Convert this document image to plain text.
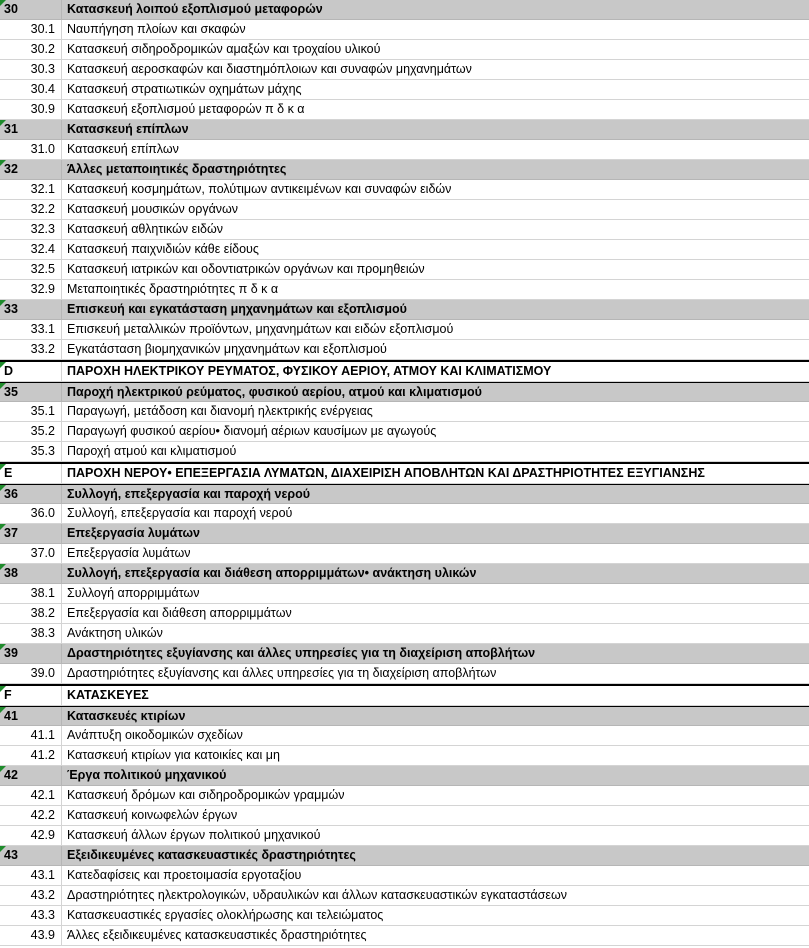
30	Κατασκευή λοιπού εξοπλισμού μεταφορών
30.1 Ναυπήγηση πλοίων και σκαφών
30.2 Κατασκευή σιδηροδρομικών αμαξών και τροχαίου υλικού
30.3 Κατασκευή αεροσκαφών και διαστημόπλοιων και συναφών μηχανημάτων
30.4 Κατασκευή στρατιωτικών οχημάτων μάχης
30.9 Κατασκευή εξοπλισμού μεταφορών π δ κ α
31	Κατασκευή επίπλων
31.0 Κατασκευή επίπλων
32	Άλλες μεταποιητικές δραστηριότητες
32.1 Κατασκευή κοσμημάτων, πολύτιμων αντικειμένων και συναφών ειδών
32.2 Κατασκευή μουσικών οργάνων
32.3 Κατασκευή αθλητικών ειδών
32.4 Κατασκευή παιχνιδιών κάθε είδους
32.5 Κατασκευή ιατρικών και οδοντιατρικών οργάνων και προμηθειών
32.9 Μεταποιητικές δραστηριότητες π δ κ α
33	Επισκευή και εγκατάσταση μηχανημάτων και εξοπλισμού
33.1 Επισκευή μεταλλικών προϊόντων, μηχανημάτων και ειδών εξοπλισμού
33.2 Εγκατάσταση βιομηχανικών μηχανημάτων και εξοπλισμού
D	ΠΑΡΟΧΗ ΗΛΕΚΤΡΙΚΟΥ ΡΕΥΜΑΤΟΣ, ΦΥΣΙΚΟΥ ΑΕΡΙΟΥ, ΑΤΜΟΥ ΚΑΙ ΚΛΙΜΑΤΙΣΜΟΥ
35	Παροχή ηλεκτρικού ρεύματος, φυσικού αερίου, ατμού και κλιματισμού
35.1 Παραγωγή, μετάδοση και διανομή ηλεκτρικής ενέργειας
35.2 Παραγωγή φυσικού αερίου• διανομή αέριων καυσίμων με αγωγούς
35.3 Παροχή ατμού και κλιματισμού
E	ΠΑΡΟΧΗ ΝΕΡΟΥ• ΕΠΕΞΕΡΓΑΣΙΑ ΛΥΜΑΤΩΝ, ΔΙΑΧΕΙΡΙΣΗ ΑΠΟΒΛΗΤΩΝ ΚΑΙ ΔΡΑΣΤΗΡΙΟΤΗΤΕΣ ΕΞΥΓΙΑΝΣΗΣ
36	Συλλογή, επεξεργασία και παροχή νερού
36.0 Συλλογή, επεξεργασία και παροχή νερού
37	Επεξεργασία λυμάτων
37.0 Επεξεργασία λυμάτων
38	Συλλογή, επεξεργασία και διάθεση απορριμμάτων• ανάκτηση υλικών
38.1 Συλλογή απορριμμάτων
38.2 Επεξεργασία και διάθεση απορριμμάτων
38.3 Ανάκτηση υλικών
39	Δραστηριότητες εξυγίανσης και άλλες υπηρεσίες για τη διαχείριση αποβλήτων
39.0 Δραστηριότητες εξυγίανσης και άλλες υπηρεσίες για τη διαχείριση αποβλήτων
F	ΚΑΤΑΣΚΕΥΕΣ
41	Κατασκευές κτιρίων
41.1 Ανάπτυξη οικοδομικών σχεδίων
41.2 Κατασκευή κτιρίων για κατοικίες και μη
42	Έργα πολιτικού μηχανικού
42.1 Κατασκευή δρόμων και σιδηροδρομικών γραμμών
42.2 Κατασκευή κοινωφελών έργων
42.9 Κατασκευή άλλων έργων πολιτικού μηχανικού
43	Εξειδικευμένες κατασκευαστικές δραστηριότητες
43.1 Κατεδαφίσεις και προετοιμασία εργοταξίου
43.2 Δραστηριότητες ηλεκτρολογικών, υδραυλικών και άλλων κατασκευαστικών εγκαταστάσεων
43.3 Κατασκευαστικές εργασίες ολοκλήρωσης και τελειώματος
43.9 Άλλες εξειδικευμένες κατασκευαστικές δραστηριότητες
